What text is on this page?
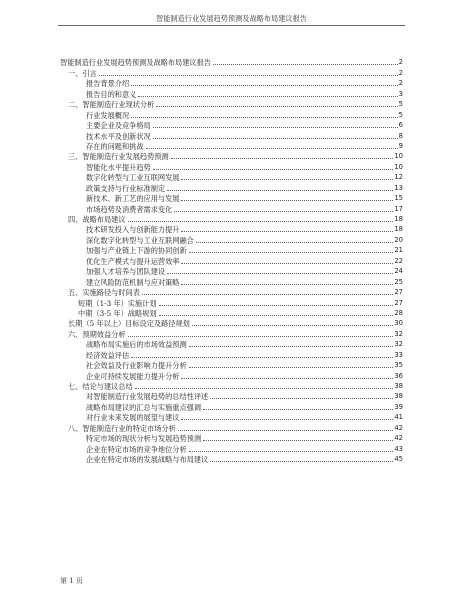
智能制造行业发展趋势预测及战略布局建议报告
智能制造行业发展趋势预测及战略布局建议报告	2
一、引言	2
报告背景介绍	2
报告目的和意义	3
二、智能制造行业现状分析	5
行业发展概况	5
主要企业及竞争格局	6
技术水平及创新状况	8
存在的问题和挑战	9
三、智能制造行业发展趋势预测	10
智能化水平提升趋势	10
数字化转型与工业互联网发展	12
政策支持与行业标准制定	13
新技术、新工艺的应用与发展	15
市场趋势及消费者需求变化	17
四、战略布局建议	18
技术研发投入与创新能力提升	18
深化数字化转型与工业互联网融合	20
加强与产业链上下游的协同创新	21
优化生产模式与提升运营效率	22
加强人才培养与团队建设	24
建立风险防范机制与应对策略	25
五、实施路径与时间表	27
短期（1-3 年）实施计划	27
中期（3-5 年）战略规划	28
长期（5 年以上）目标设定及路径规划	30
六、预期效益分析	32
战略布局实施后的市场效益预测	32
经济效益评估	33
社会效益及行业影响力提升分析	35
企业可持续发展能力提升分析	36
七、结论与建议总结	38
对智能制造行业发展趋势的总结性评述	38
战略布局建议的汇总与实施重点强调	39
对行业未来发展的展望与建议	41
八、智能制造行业的特定市场分析	42
特定市场的现状分析与发展趋势预测	42
企业在特定市场的竞争地位分析	43
企业在特定市场的发展战略与布局建议	45
第 1 页
